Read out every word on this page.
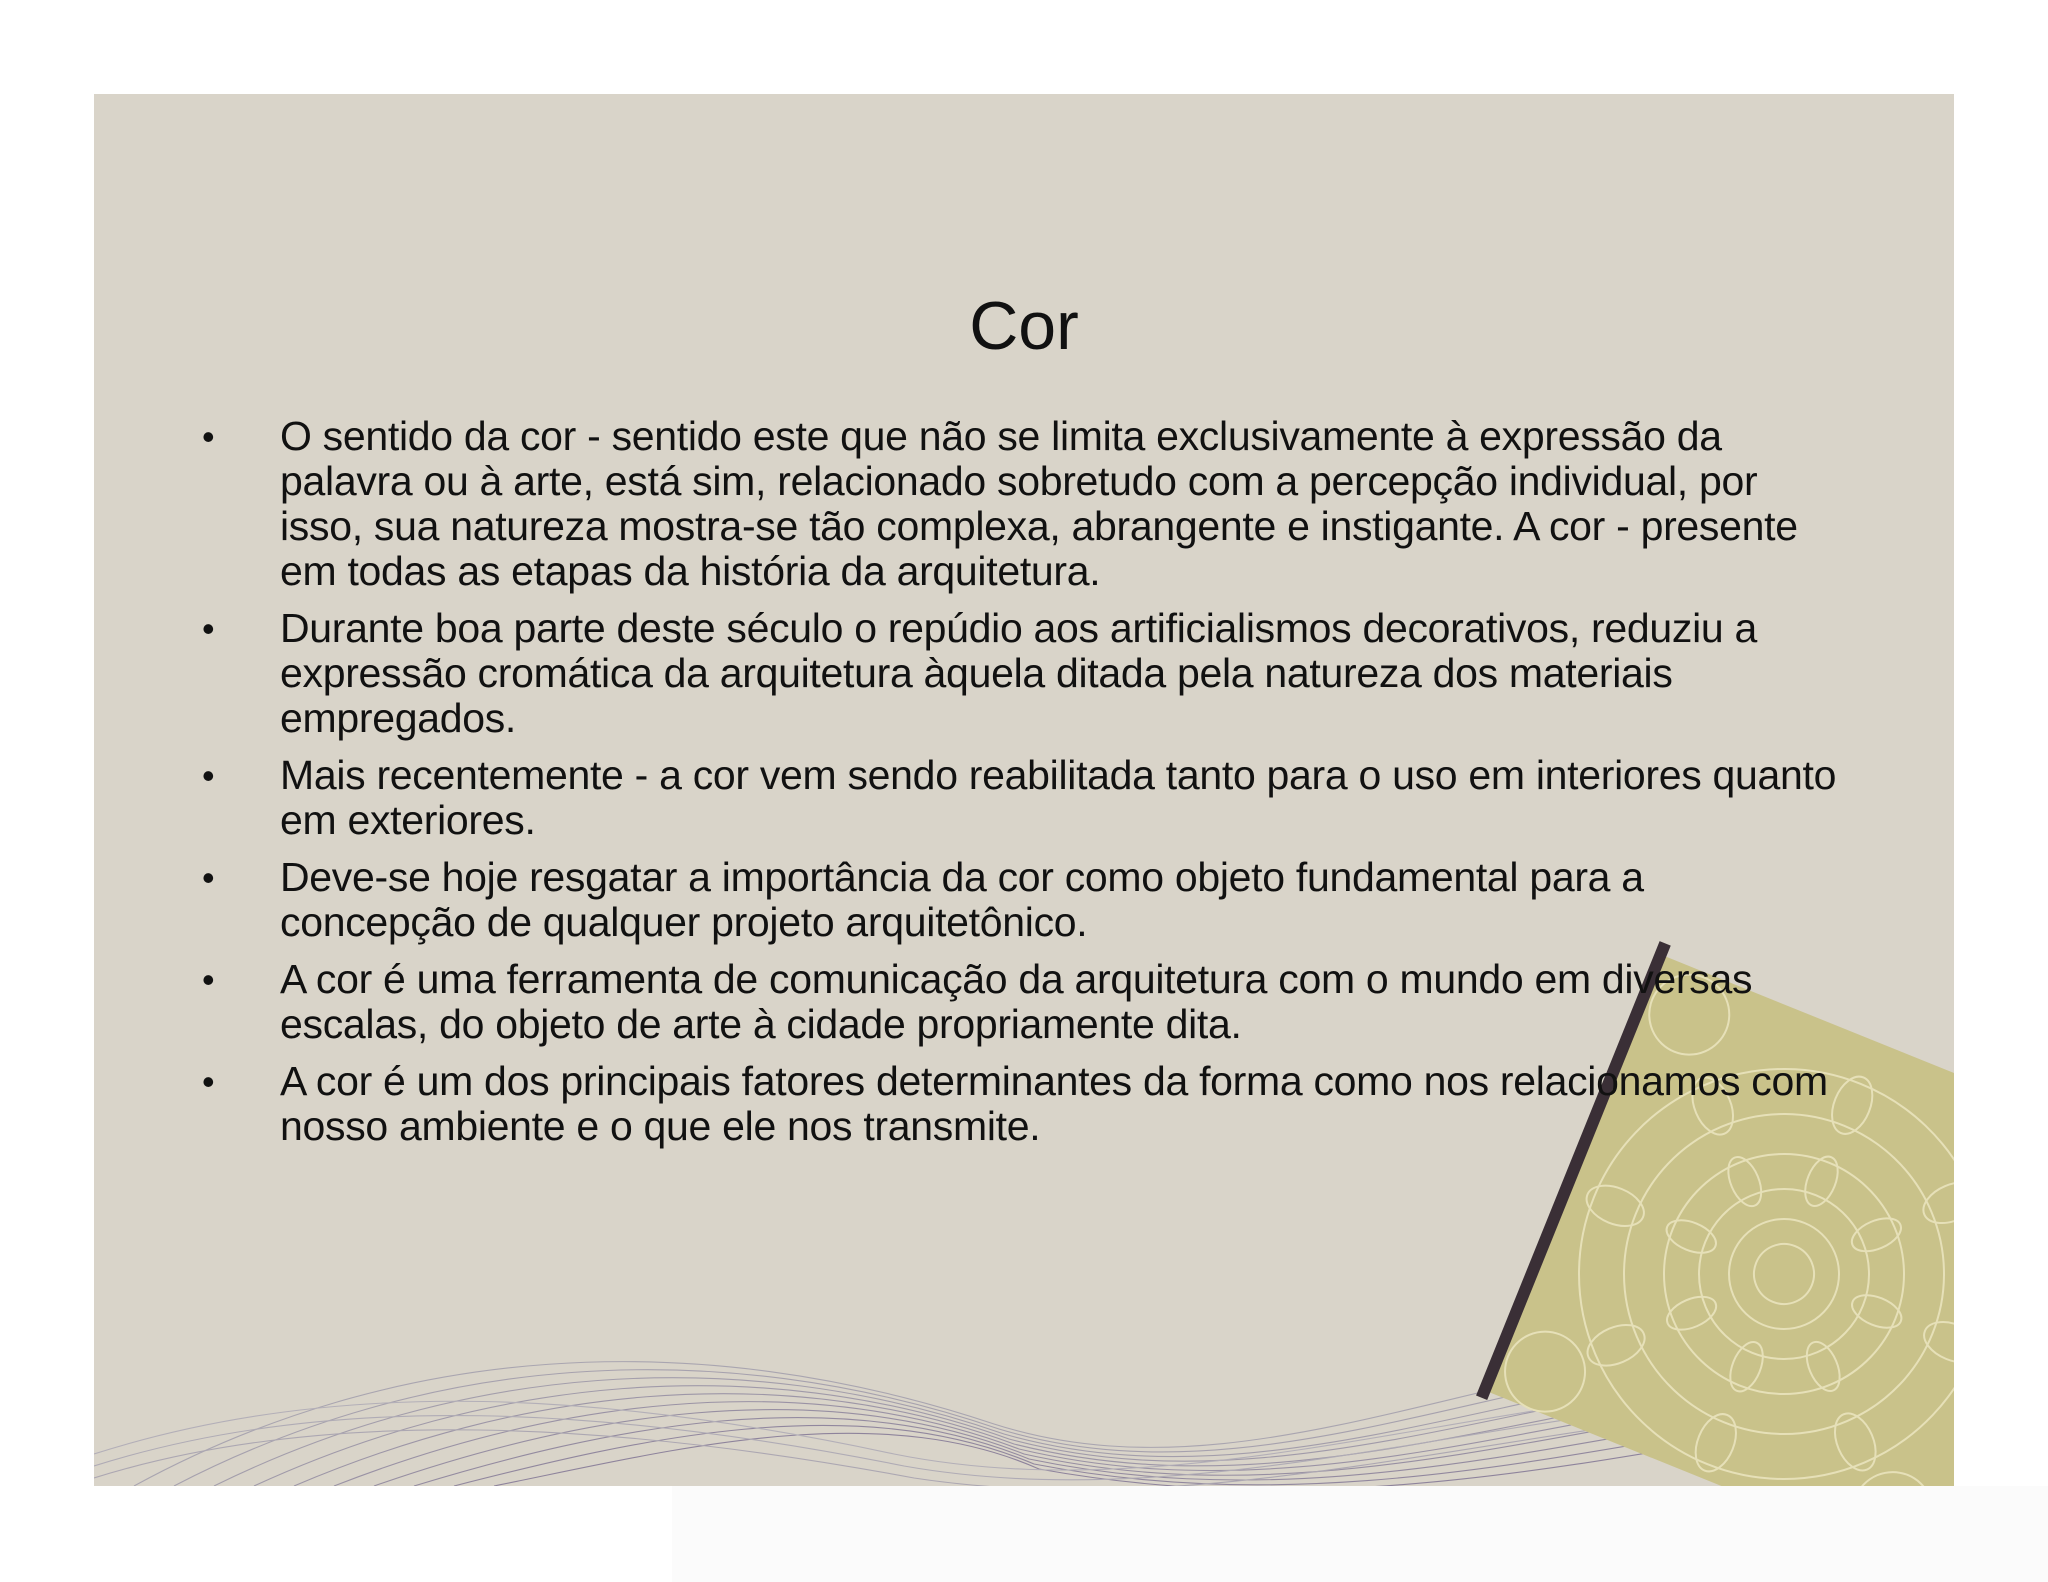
Cor
•	O sentido da cor - sentido este que não se limita exclusivamente à expressão da palavra ou à arte, está sim, relacionado sobretudo com a percepção individual, por isso, sua natureza mostra-se tão complexa, abrangente e instigante. A cor - presente em todas as etapas da história da arquitetura.
•	Durante boa parte deste século o repúdio aos artificialismos decorativos, reduziu a expressão cromática da arquitetura àquela ditada pela natureza dos materiais empregados.
•	Mais recentemente - a cor vem sendo reabilitada tanto para o uso em interiores quanto em exteriores.
•	Deve-se hoje resgatar a importância da cor como objeto fundamental para a concepção de qualquer projeto arquitetônico.
•	A cor é uma ferramenta de comunicação da arquitetura com o mundo em diversas escalas, do objeto de arte à cidade propriamente dita.
•	A cor é um dos principais fatores determinantes da forma como nos relacionamos com nosso ambiente e o que ele nos transmite.
